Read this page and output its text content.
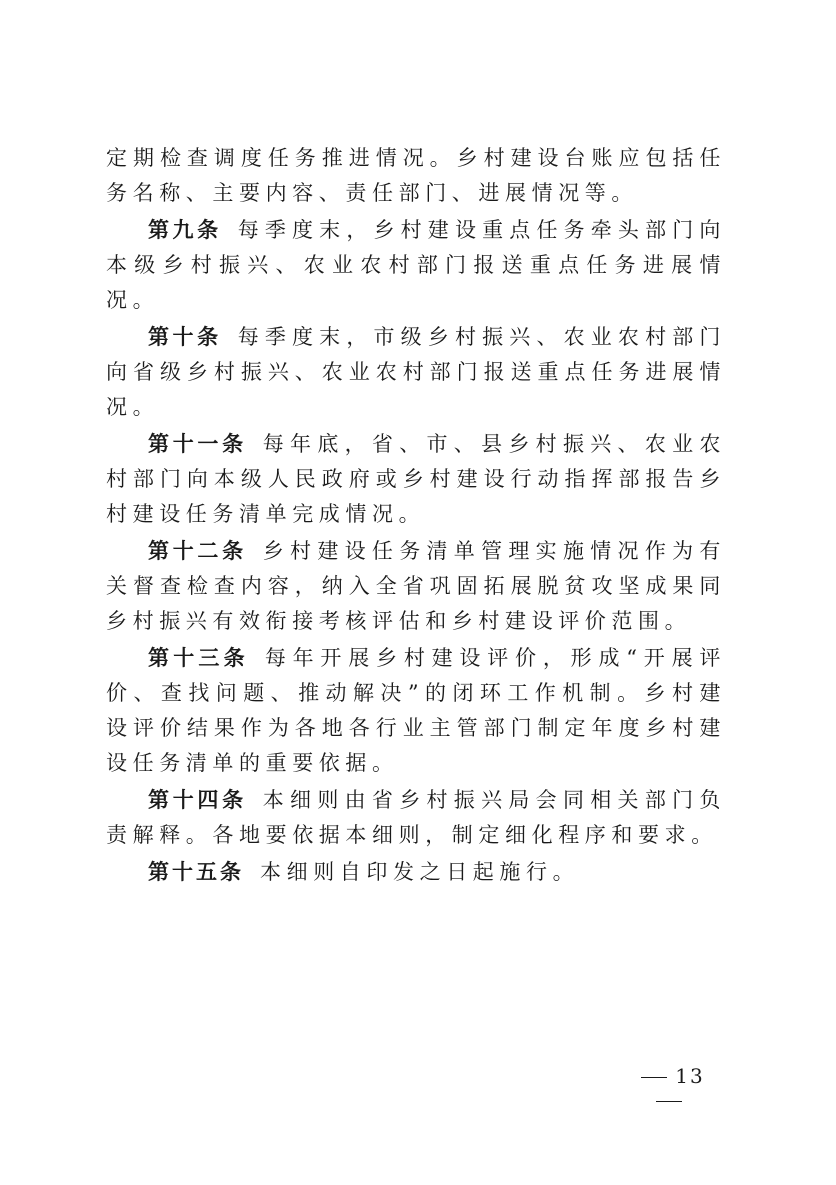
定期检查调度任务推进情况。乡村建设台账应包括任务名称、主要内容、责任部门、进展情况等。

第九条 每季度末，乡村建设重点任务牵头部门向本级乡村振兴、农业农村部门报送重点任务进展情况。

第十条 每季度末，市级乡村振兴、农业农村部门向省级乡村振兴、农业农村部门报送重点任务进展情况。

第十一条 每年底，省、市、县乡村振兴、农业农村部门向本级人民政府或乡村建设行动指挥部报告乡村建设任务清单完成情况。

第十二条 乡村建设任务清单管理实施情况作为有关督查检查内容，纳入全省巩固拓展脱贫攻坚成果同乡村振兴有效衔接考核评估和乡村建设评价范围。

第十三条 每年开展乡村建设评价，形成“开展评价、查找问题、推动解决”的闭环工作机制。乡村建设评价结果作为各地各行业主管部门制定年度乡村建设任务清单的重要依据。

第十四条 本细则由省乡村振兴局会同相关部门负责解释。各地要依据本细则，制定细化程序和要求。

第十五条 本细则自印发之日起施行。

13
